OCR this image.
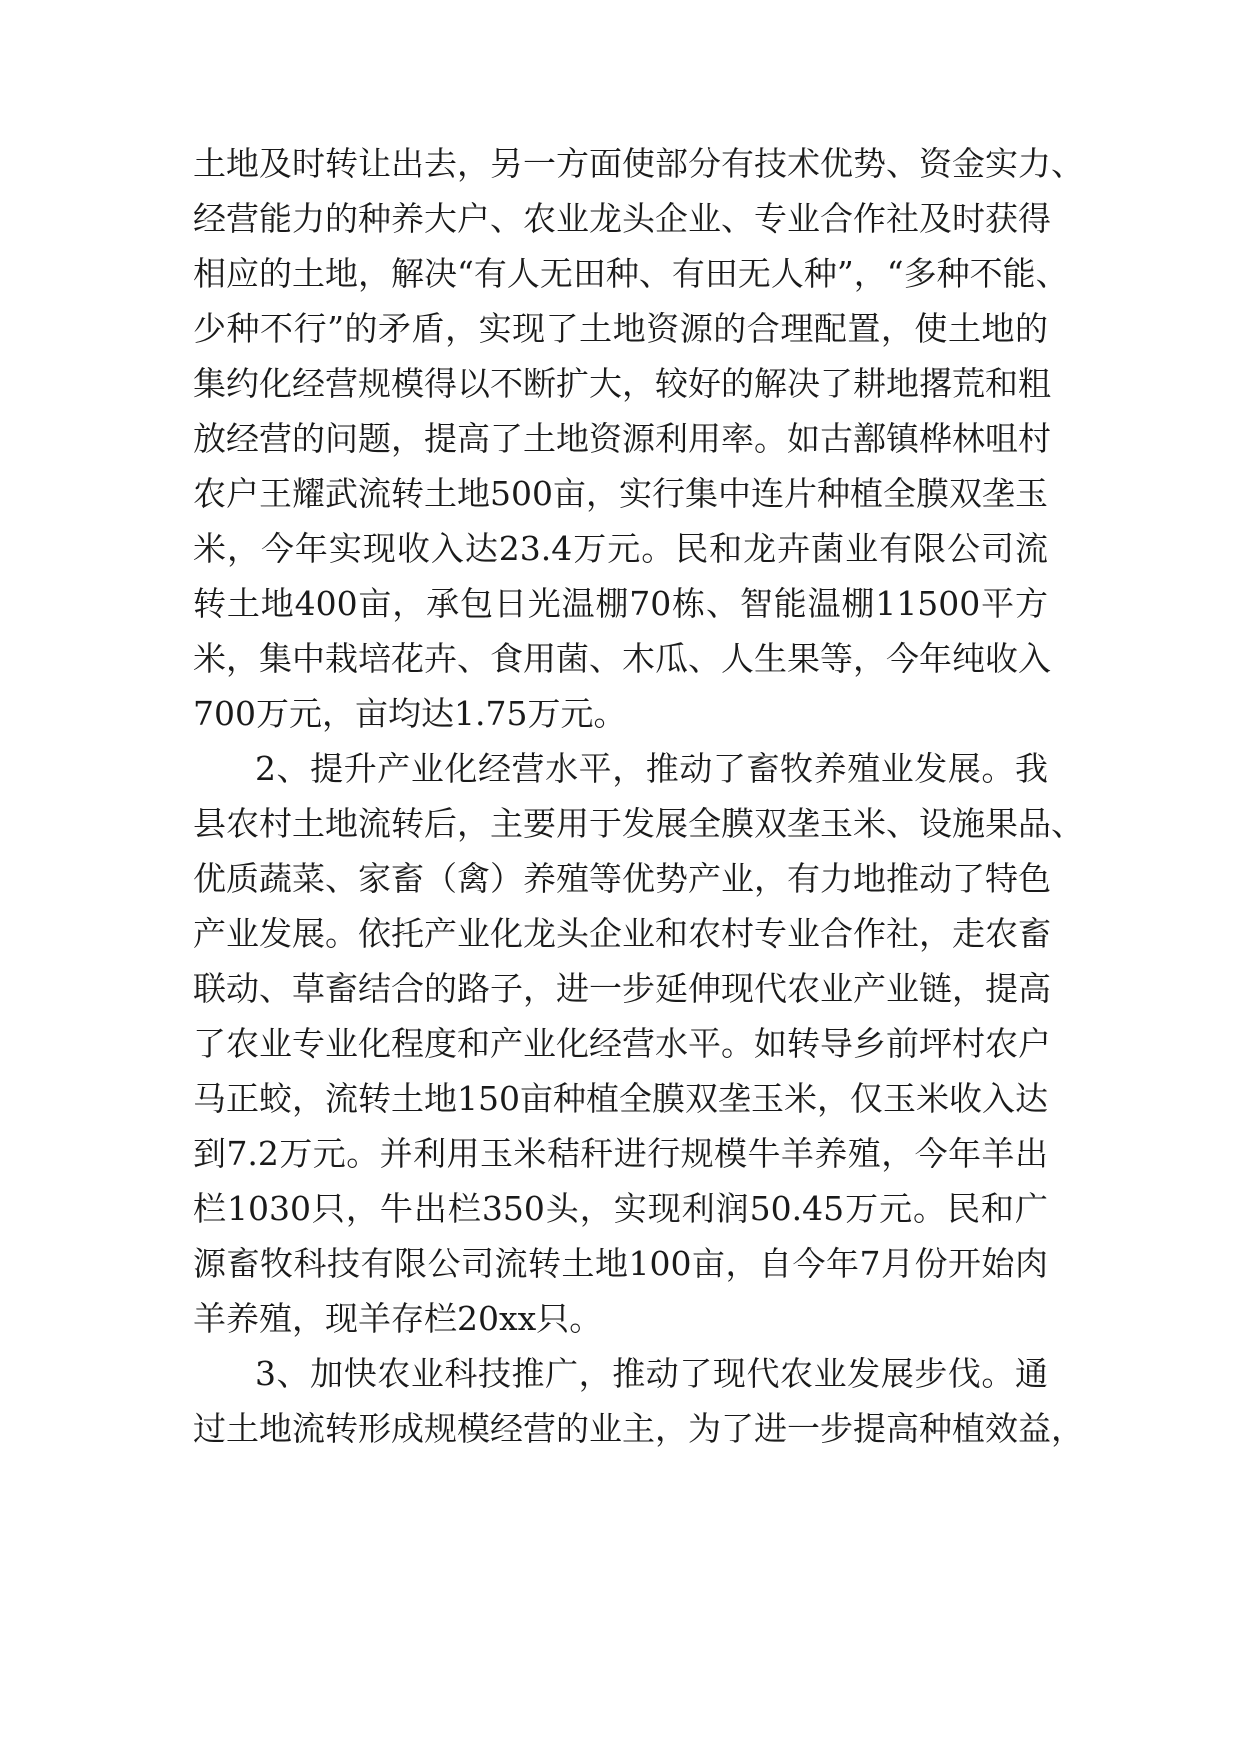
土地及时转让出去，另一方面使部分有技术优势、资金实力、
经营能力的种养大户、农业龙头企业、专业合作社及时获得
相应的土地，解决“有人无田种、有田无人种”，“多种不能、
少种不行”的矛盾，实现了土地资源的合理配置，使土地的
集约化经营规模得以不断扩大，较好的解决了耕地撂荒和粗
放经营的问题，提高了土地资源利用率。如古鄯镇桦林咀村
农户王耀武流转土地500亩，实行集中连片种植全膜双垄玉
米，今年实现收入达23.4万元。民和龙卉菌业有限公司流
转土地400亩，承包日光温棚70栋、智能温棚11500平方
米，集中栽培花卉、食用菌、木瓜、人生果等，今年纯收入
700万元，亩均达1.75万元。
2、提升产业化经营水平，推动了畜牧养殖业发展。我
县农村土地流转后，主要用于发展全膜双垄玉米、设施果品、
优质蔬菜、家畜（禽）养殖等优势产业，有力地推动了特色
产业发展。依托产业化龙头企业和农村专业合作社，走农畜
联动、草畜结合的路子，进一步延伸现代农业产业链，提高
了农业专业化程度和产业化经营水平。如转导乡前坪村农户
马正蛟，流转土地150亩种植全膜双垄玉米，仅玉米收入达
到7.2万元。并利用玉米秸秆进行规模牛羊养殖，今年羊出
栏1030只，牛出栏350头，实现利润50.45万元。民和广
源畜牧科技有限公司流转土地100亩，自今年7月份开始肉
羊养殖，现羊存栏20xx只。
3、加快农业科技推广，推动了现代农业发展步伐。通
过土地流转形成规模经营的业主，为了进一步提高种植效益，
